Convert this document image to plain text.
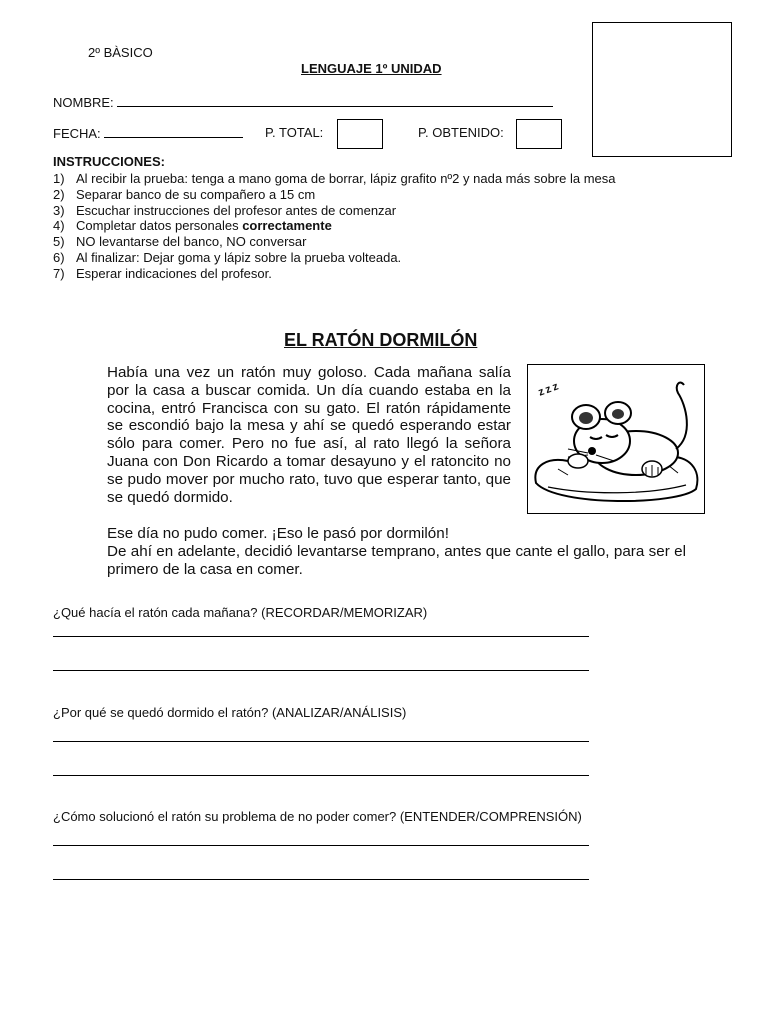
2º BÀSICO
LENGUAJE 1º UNIDAD
NOMBRE:
FECHA:	P. TOTAL:	P. OBTENIDO:
INSTRUCCIONES:
1) Al recibir la prueba: tenga a mano goma de borrar, lápiz grafito nº2 y nada más sobre la mesa
2) Separar banco de su compañero a 15 cm
3) Escuchar instrucciones del profesor antes de comenzar
4) Completar datos personales correctamente
5) NO levantarse del banco, NO conversar
6) Al finalizar: Dejar goma y lápiz sobre la prueba volteada.
7) Esperar indicaciones del profesor.
EL RATÓN DORMILÓN
Había una vez un ratón muy goloso. Cada mañana salía por la casa a buscar comida. Un día cuando estaba en la cocina, entró Francisca con su gato. El ratón rápidamente se escondió bajo la mesa y ahí se quedó esperando estar sólo para comer. Pero no fue así, al rato llegó la señora Juana con Don Ricardo a tomar desayuno y el ratoncito no se pudo mover por mucho rato, tuvo que esperar tanto, que se quedó dormido.
Ese día no pudo comer. ¡Eso le pasó por dormilón!
De ahí en adelante, decidió levantarse temprano, antes que cante el gallo, para ser el primero de la casa en comer.
zzz
¿Qué hacía el ratón cada mañana? (RECORDAR/MEMORIZAR)
¿Por qué se quedó dormido el ratón? (ANALIZAR/ANÁLISIS)
¿Cómo solucionó el ratón su problema de no poder comer? (ENTENDER/COMPRENSIÓN)
